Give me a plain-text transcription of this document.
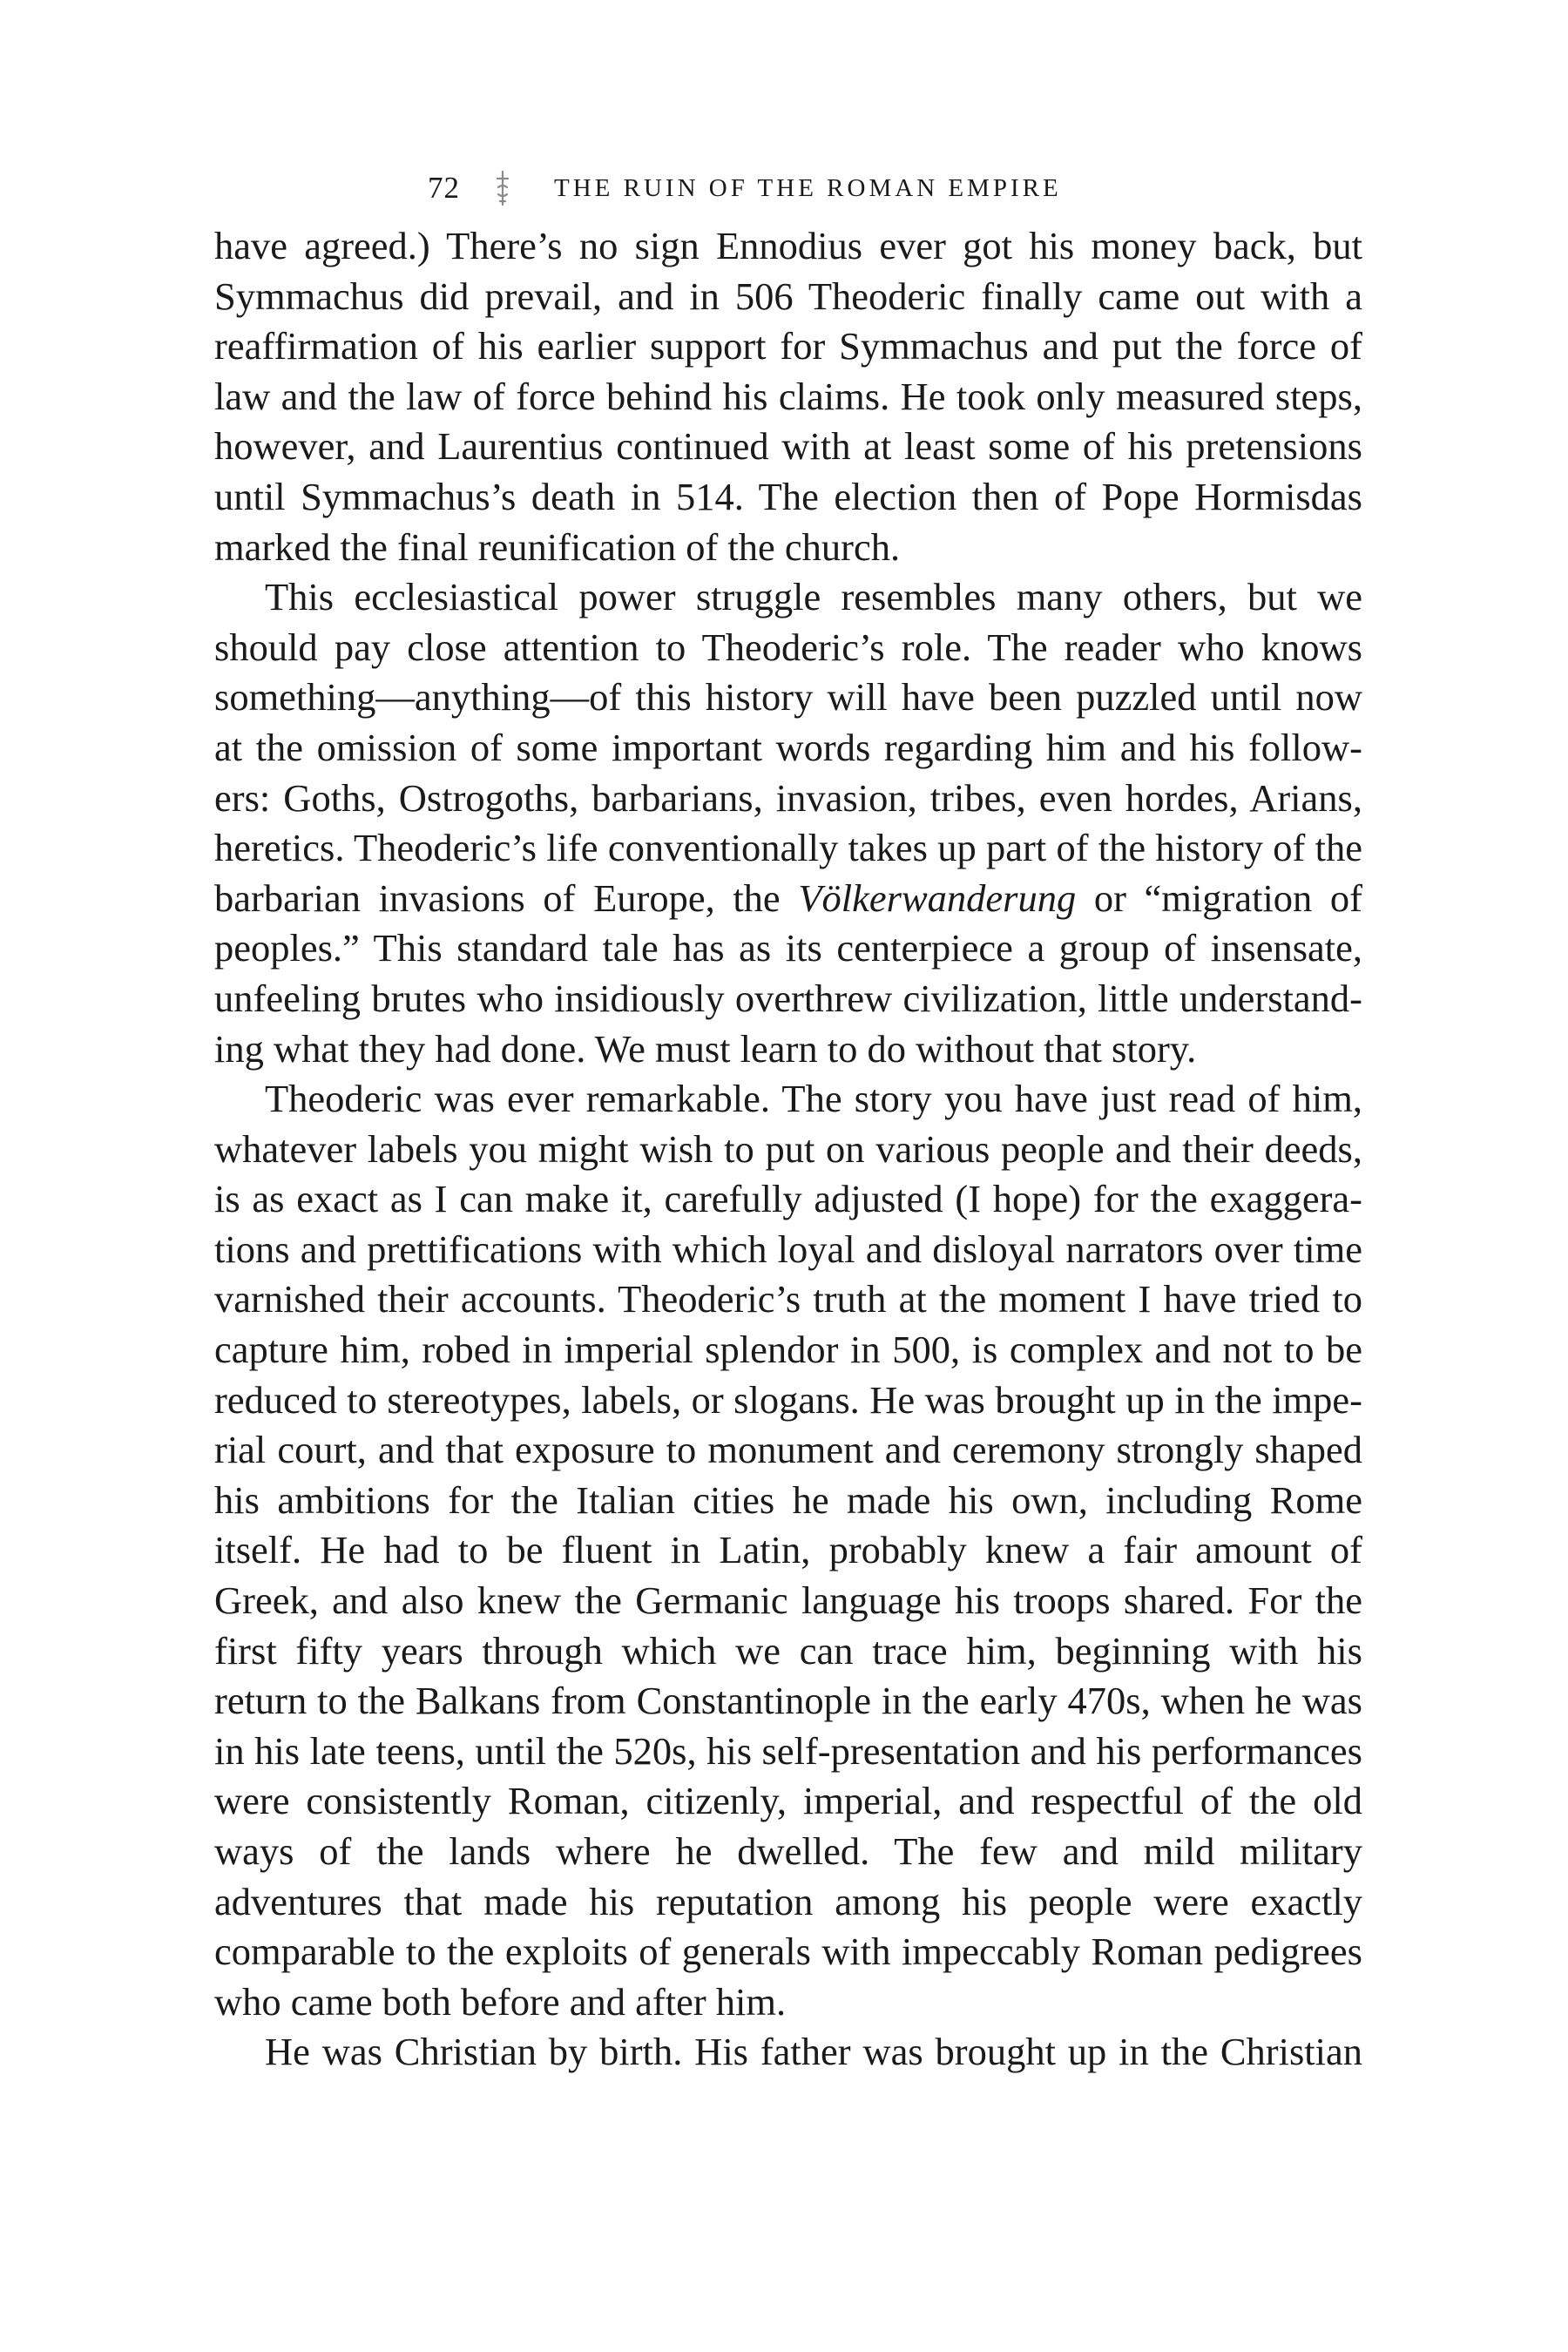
72	THE RUIN OF THE ROMAN EMPIRE

have agreed.) There’s no sign Ennodius ever got his money back, but Symmachus did prevail, and in 506 Theoderic finally came out with a reaffirmation of his earlier support for Symmachus and put the force of law and the law of force behind his claims. He took only measured steps, however, and Laurentius continued with at least some of his pretensions until Symmachus’s death in 514. The election then of Pope Hormisdas marked the final reunification of the church.

This ecclesiastical power struggle resembles many others, but we should pay close attention to Theoderic’s role. The reader who knows something—anything—of this history will have been puzzled until now at the omission of some important words regarding him and his followers: Goths, Ostrogoths, barbarians, invasion, tribes, even hordes, Arians, heretics. Theoderic’s life conventionally takes up part of the history of the barbarian invasions of Europe, the Völkerwanderung or “migration of peoples.” This standard tale has as its centerpiece a group of insensate, unfeeling brutes who insidiously overthrew civilization, little understanding what they had done. We must learn to do without that story.

Theoderic was ever remarkable. The story you have just read of him, whatever labels you might wish to put on various people and their deeds, is as exact as I can make it, carefully adjusted (I hope) for the exaggerations and prettifications with which loyal and disloyal narrators over time varnished their accounts. Theoderic’s truth at the moment I have tried to capture him, robed in imperial splendor in 500, is complex and not to be reduced to stereotypes, labels, or slogans. He was brought up in the imperial court, and that exposure to monument and ceremony strongly shaped his ambitions for the Italian cities he made his own, including Rome itself. He had to be fluent in Latin, probably knew a fair amount of Greek, and also knew the Germanic language his troops shared. For the first fifty years through which we can trace him, beginning with his return to the Balkans from Constantinople in the early 470s, when he was in his late teens, until the 520s, his self-presentation and his performances were consistently Roman, citizenly, imperial, and respectful of the old ways of the lands where he dwelled. The few and mild military adventures that made his reputation among his people were exactly comparable to the exploits of generals with impeccably Roman pedigrees who came both before and after him.

He was Christian by birth. His father was brought up in the Christian
